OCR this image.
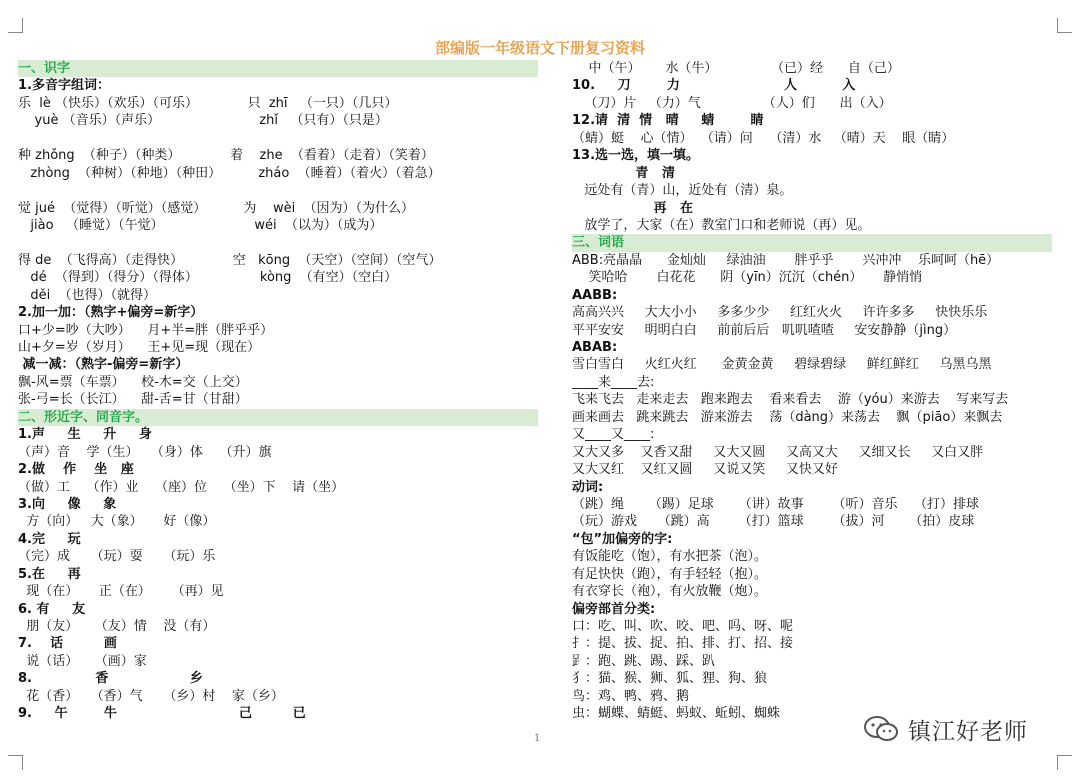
部编版一年级语文下册复习资料
一、识字
1.多音字组词：
乐  lè （快乐）（欢乐）（可乐）            只  zhī   （一只）（几只）
yuè （音乐）（声乐）                        zhǐ   （只有）（只是）
种 zhǒng  （种子）（种类）            着    zhe  （看着）（走着）（笑着）
zhòng  （种树）（种地）（种田）         zháo  （睡着）（着火）（着急）
觉 jué  （觉得）（听觉）（感觉）         为    wèi  （因为）（为什么）
jiào   （睡觉）（午觉）                      wéi  （以为）（成为）
得 de  （飞得高）（走得快）            空   kōng  （天空）（空间）（空气）
dé  （得到）（得分）（得体）               kòng  （有空）（空白）
děi  （也得）（就得）
2.加一加：（熟字+偏旁=新字）
口+少=吵（大吵）    月+半=胖（胖乎乎）
山+夕=岁（岁月）    王+见=现（现在）
减一减：（熟字-偏旁=新字）
飘-风=票（车票）    校-木=交（上交）
张-弓=长（长江）    甜-舌=甘（甘甜）
二、形近字、同音字。
1.声     生     升     身
（声）音    学（生）   （身）体    （升）旗
2.做    作    坐   座
（做）工    （作）业    （座）位    （坐）下    请（坐）
3.向     像     象
方（向）   大（象）     好（像）
4.完     玩
（完）成     （玩）耍     （玩）乐
5.在     再
现（在）     正（在）     （再）见
6. 有     友
朋（友）    （友）情    没（有）
7.    话         画
说（话）    （画）家
8.              香                  乡
花（香）   （香）气     （乡）村    家（乡）
9.     午        牛                           己         已
中（午）      水（牛）             （已）经      自（己）
10.     刀        力                       人          入
（刀）片   （力）气               （人）们      出（入）
12.请  清  情   晴     蜻        睛
（蜻）蜓    心（情）  （请）问    （清）水   （晴）天    眼（睛）
13.选一选，填一填。
青   清
远处有（青）山，近处有（清）泉。
再   在
放学了，大家（在）教室门口和老师说（再）见。
三、词语
ABB:亮晶晶      金灿灿     绿油油       胖乎乎       兴冲冲    乐呵呵（hē）
笑哈哈       白花花      阴（yīn）沉沉（chén）     静悄悄
AABB:
高高兴兴     大大小小     多多少少     红红火火     许许多多     快快乐乐
平平安安     明明白白     前前后后   叽叽喳喳     安安静静（jìng）
ABAB:
雪白雪白     火红火红      金黄金黄     碧绿碧绿     鲜红鲜红     乌黑乌黑
____来____去:
飞来飞去   走来走去   跑来跑去    看来看去    游（yóu）来游去    写来写去
画来画去   跳来跳去   游来游去    荡（dàng）来荡去    飘（piāo）来飘去
又____又____:
又大又多    又香又甜     又大又圆     又高又大     又细又长     又白又胖
又大又红    又红又圆     又说又笑     又快又好
动词:
（跳）绳      （踢）足球      （讲）故事       （听）音乐    （打）排球
（玩）游戏     （跳）高       （打）篮球       （拔）河      （拍）皮球
“包”加偏旁的字:
有饭能吃（饱），有水把茶（泡）。
有足快快（跑），有手轻轻（抱）。
有衣穿长（袍），有火放鞭（炮）。
偏旁部首分类:
口：吃、叫、吹、咬、吧、吗、呀、呢
扌：提、拔、捉、拍、排、打、招、接
𧾷：跑、跳、踢、踩、趴
犭：猫、猴、狮、狐、狸、狗、狼
鸟：鸡、鸭、鸦、鹅
虫：蝴蝶、蜻蜓、蚂蚁、蚯蚓、蜘蛛
1	镇江好老师
